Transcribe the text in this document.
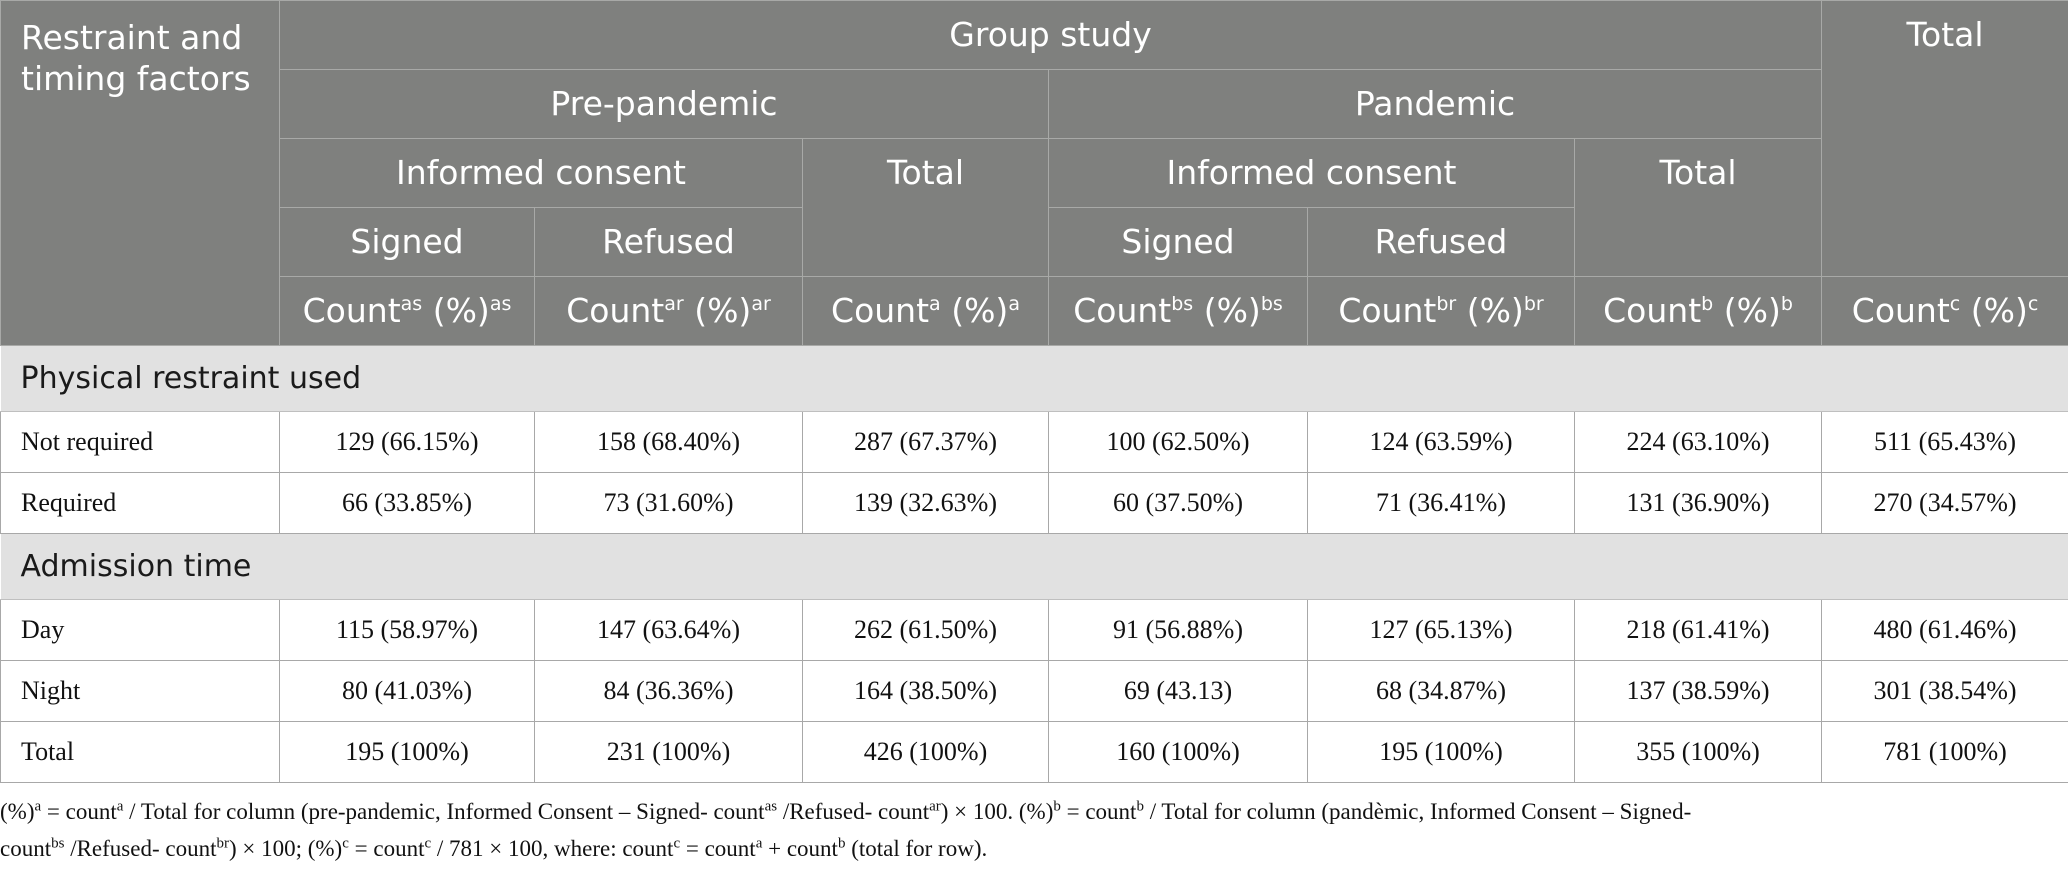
Restraint and timing factors	Group study						Total
	Pre-pandemic			Pandemic			
	Informed consent		Total	Informed consent		Total	
	Signed	Refused		Signed	Refused		
	Count$^{as}$ (%)$^{as}$	Count$^{ar}$ (%)$^{ar}$	Count$^a$ (%)$^a$	Count$^{bs}$ (%)$^{bs}$	Count$^{br}$ (%)$^{br}$	Count$^b$ (%)$^b$	Count$^c$ (%)$^c$
Physical restraint used							
Not required	129 (66.15%)	158 (68.40%)	287 (67.37%)	100 (62.50%)	124 (63.59%)	224 (63.10%)	511 (65.43%)
Required	66 (33.85%)	73 (31.60%)	139 (32.63%)	60 (37.50%)	71 (36.41%)	131 (36.90%)	270 (34.57%)
Admission time							
Day	115 (58.97%)	147 (63.64%)	262 (61.50%)	91 (56.88%)	127 (65.13%)	218 (61.41%)	480 (61.46%)
Night	80 (41.03%)	84 (36.36%)	164 (38.50%)	69 (43.13)	68 (34.87%)	137 (38.59%)	301 (38.54%)
Total	195 (100%)	231 (100%)	426 (100%)	160 (100%)	195 (100%)	355 (100%)	781 (100%)
(%)$^a$ = count$^a$ / Total for column (pre-pandemic, Informed Consent – Signed- count$^{as}$ /Refused- count$^{ar}$) × 100. (%)$^b$ = count$^b$ / Total for column (pandèmic, Informed Consent – Signed-
count$^{bs}$ /Refused- count$^{br}$) × 100; (%)$^c$ = count$^c$ / 781 × 100, where: count$^c$ = count$^a$ + count$^b$ (total for row).
